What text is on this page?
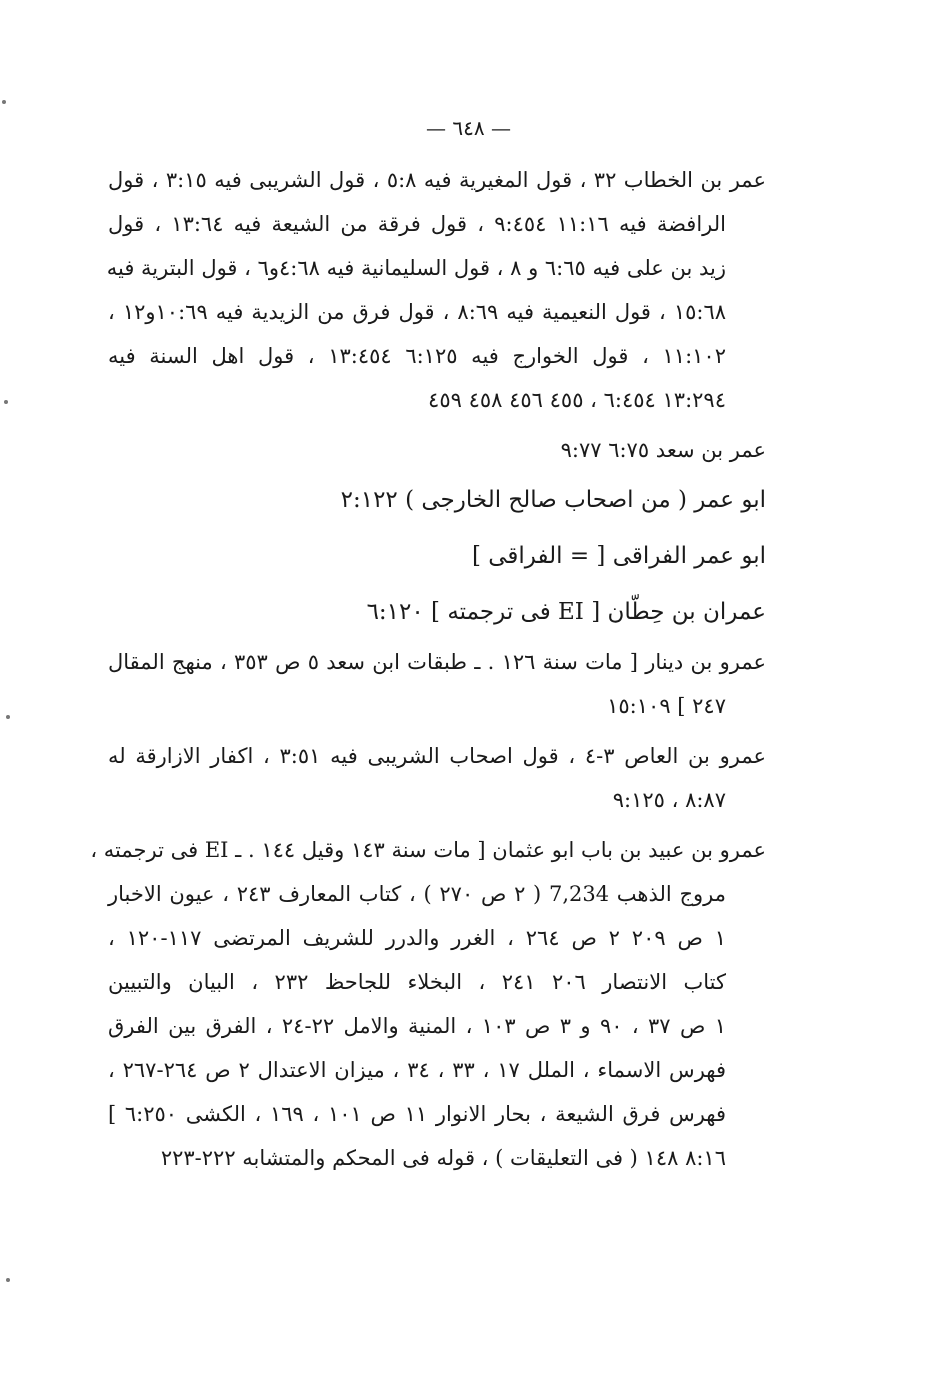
— ٦٤٨ —
عمر بن الخطاب ٣٢ ، قول المغيرية فيه ٥:٨ ، قول الشريبى فيه ٣:١٥ ، قول
الرافضة فيه ١١:١٦ ٩:٤٥٤ ، قول فرقة من الشيعة فيه ١٣:٦٤ ، قول
زيد بن على فيه ٦:٦٥ و ٨ ، قول السليمانية فيه ٤:٦٨و٦ ، قول البترية فيه
١٥:٦٨ ، قول النعيمية فيه ٨:٦٩ ، قول فرق من الزيدية فيه ١٠:٦٩و١٢ ،
١١:١٠٢ ، قول الخوارج فيه ٦:١٢٥ ١٣:٤٥٤ ، قول اهل السنة فيه
١٣:٢٩٤ ٦:٤٥٤ ، ٤٥٥ ٤٥٦ ٤٥٨ ٤٥٩
عمر بن سعد ٦:٧٥ ٩:٧٧
ابو عمر ( من اصحاب صالح الخارجى ) ٢:١٢٢
ابو عمر الفراقى [ = الفراقى ]
عمران بن حِطّان [ EI فى ترجمته ] ٦:١٢٠
عمرو بن دينار [ مات سنة ١٢٦ . ـ طبقات ابن سعد ٥ ص ٣٥٣ ، منهج المقال
٢٤٧ ] ١٥:١٠٩
عمرو بن العاص ٣-٤ ، قول اصحاب الشريبى فيه ٣:٥١ ، اكفار الازارقة له
٨:٨٧ ، ٩:١٢٥
عمرو بن عبيد بن باب ابو عثمان [ مات سنة ١٤٣ وقيل ١٤٤ . ـ EI فى ترجمته ،
مروج الذهب 7,234 ( ٢ ص ٢٧٠ ) ، كتاب المعارف ٢٤٣ ، عيون الاخبار
١ ص ٢٠٩ ٢ ص ٢٦٤ ، الغرر والدرر للشريف المرتضى ١١٧-١٢٠ ،
كتاب الانتصار ٢٠٦ ٢٤١ ، البخلاء للجاحظ ٢٣٢ ، البيان والتبيين
١ ص ٣٧ ، ٩٠ و ٣ ص ١٠٣ ، المنية والامل ٢٢-٢٤ ، الفرق بين الفرق
فهرس الاسماء ، الملل ١٧ ، ٣٣ ، ٣٤ ، ميزان الاعتدال ٢ ص ٢٦٤-٢٦٧ ،
فهرس فرق الشيعة ، بحار الانوار ١١ ص ١٠١ ، ١٦٩ ، الكشى ٦:٢٥٠ ]
٨:١٦ ١٤٨ ( فى التعليقات ) ، قوله فى المحكم والمتشابه ٢٢٢-٢٢٣
